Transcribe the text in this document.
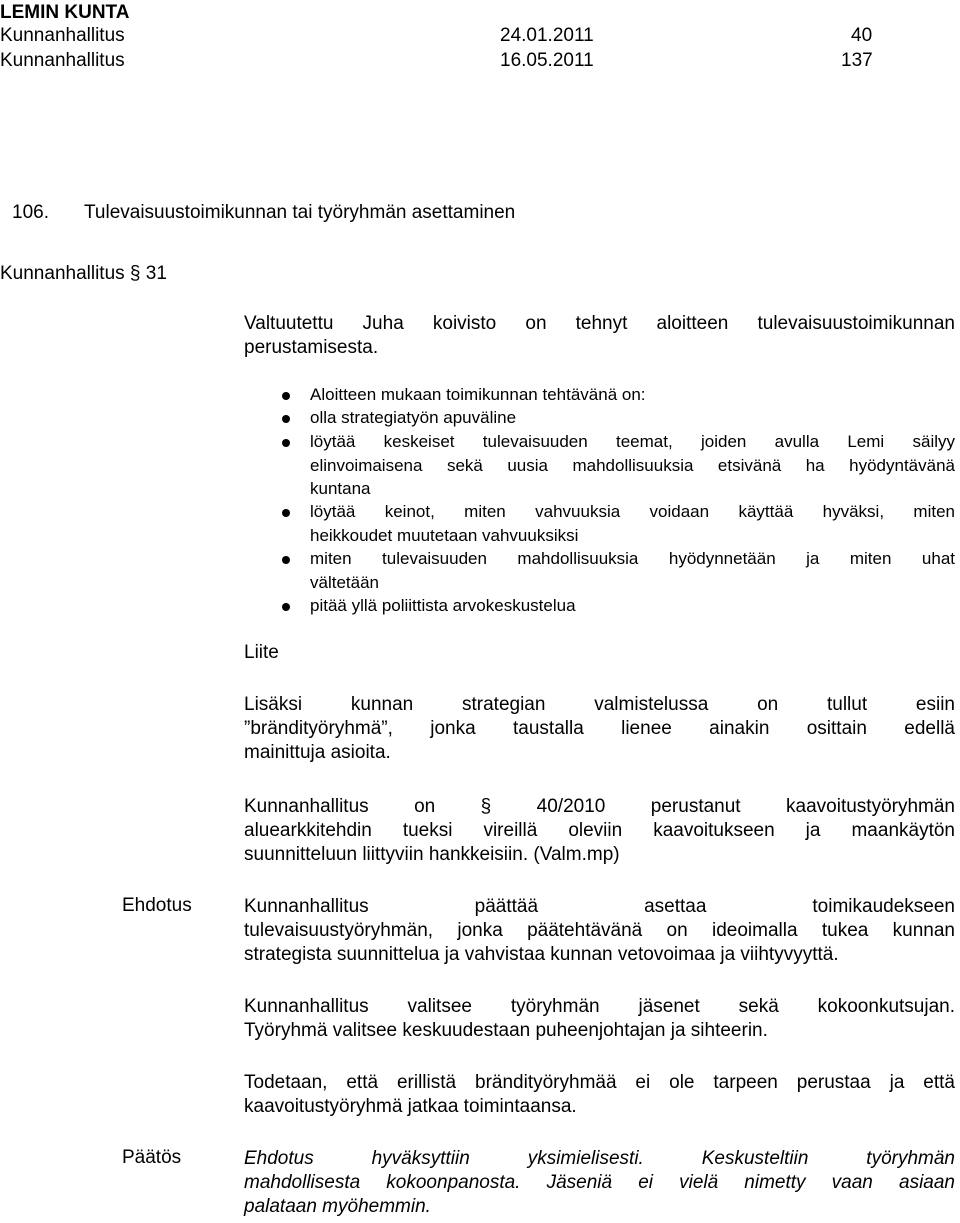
LEMIN KUNTA
Kunnanhallitus	24.01.2011	40
Kunnanhallitus	16.05.2011	137
106. Tulevaisuustoimikunnan tai työryhmän asettaminen
Kunnanhallitus § 31
Valtuutettu Juha koivisto on tehnyt aloitteen tulevaisuustoimikunnan
perustamisesta.
Aloitteen mukaan toimikunnan tehtävänä on:
olla strategiatyön apuväline
löytää keskeiset tulevaisuuden teemat, joiden avulla Lemi säilyy
elinvoimaisena sekä uusia mahdollisuuksia etsivänä ha hyödyntävänä
kuntana
löytää keinot, miten vahvuuksia voidaan käyttää hyväksi, miten
heikkoudet muutetaan vahvuuksiksi
miten tulevaisuuden mahdollisuuksia hyödynnetään ja miten uhat
vältetään
pitää yllä poliittista arvokeskustelua
Liite
Lisäksi kunnan strategian valmistelussa on tullut esiin
”brändityöryhmä”, jonka taustalla lienee ainakin osittain edellä
mainittuja asioita.
Kunnanhallitus on § 40/2010 perustanut kaavoitustyöryhmän
aluearkkitehdin tueksi vireillä oleviin kaavoitukseen ja maankäytön
suunnitteluun liittyviin hankkeisiin. (Valm.mp)
Ehdotus	Kunnanhallitus päättää asettaa toimikaudekseen
tulevaisuustyöryhmän, jonka päätehtävänä on ideoimalla tukea kunnan
strategista suunnittelua ja vahvistaa kunnan vetovoimaa ja viihtyvyyttä.
Kunnanhallitus valitsee työryhmän jäsenet sekä kokoonkutsujan.
Työryhmä valitsee keskuudestaan puheenjohtajan ja sihteerin.
Todetaan, että erillistä brändityöryhmää ei ole tarpeen perustaa ja että
kaavoitustyöryhmä jatkaa toimintaansa.
Päätös	Ehdotus hyväksyttiin yksimielisesti. Keskusteltiin työryhmän
mahdollisesta kokoonpanosta. Jäseniä ei vielä nimetty vaan asiaan
palataan myöhemmin.
